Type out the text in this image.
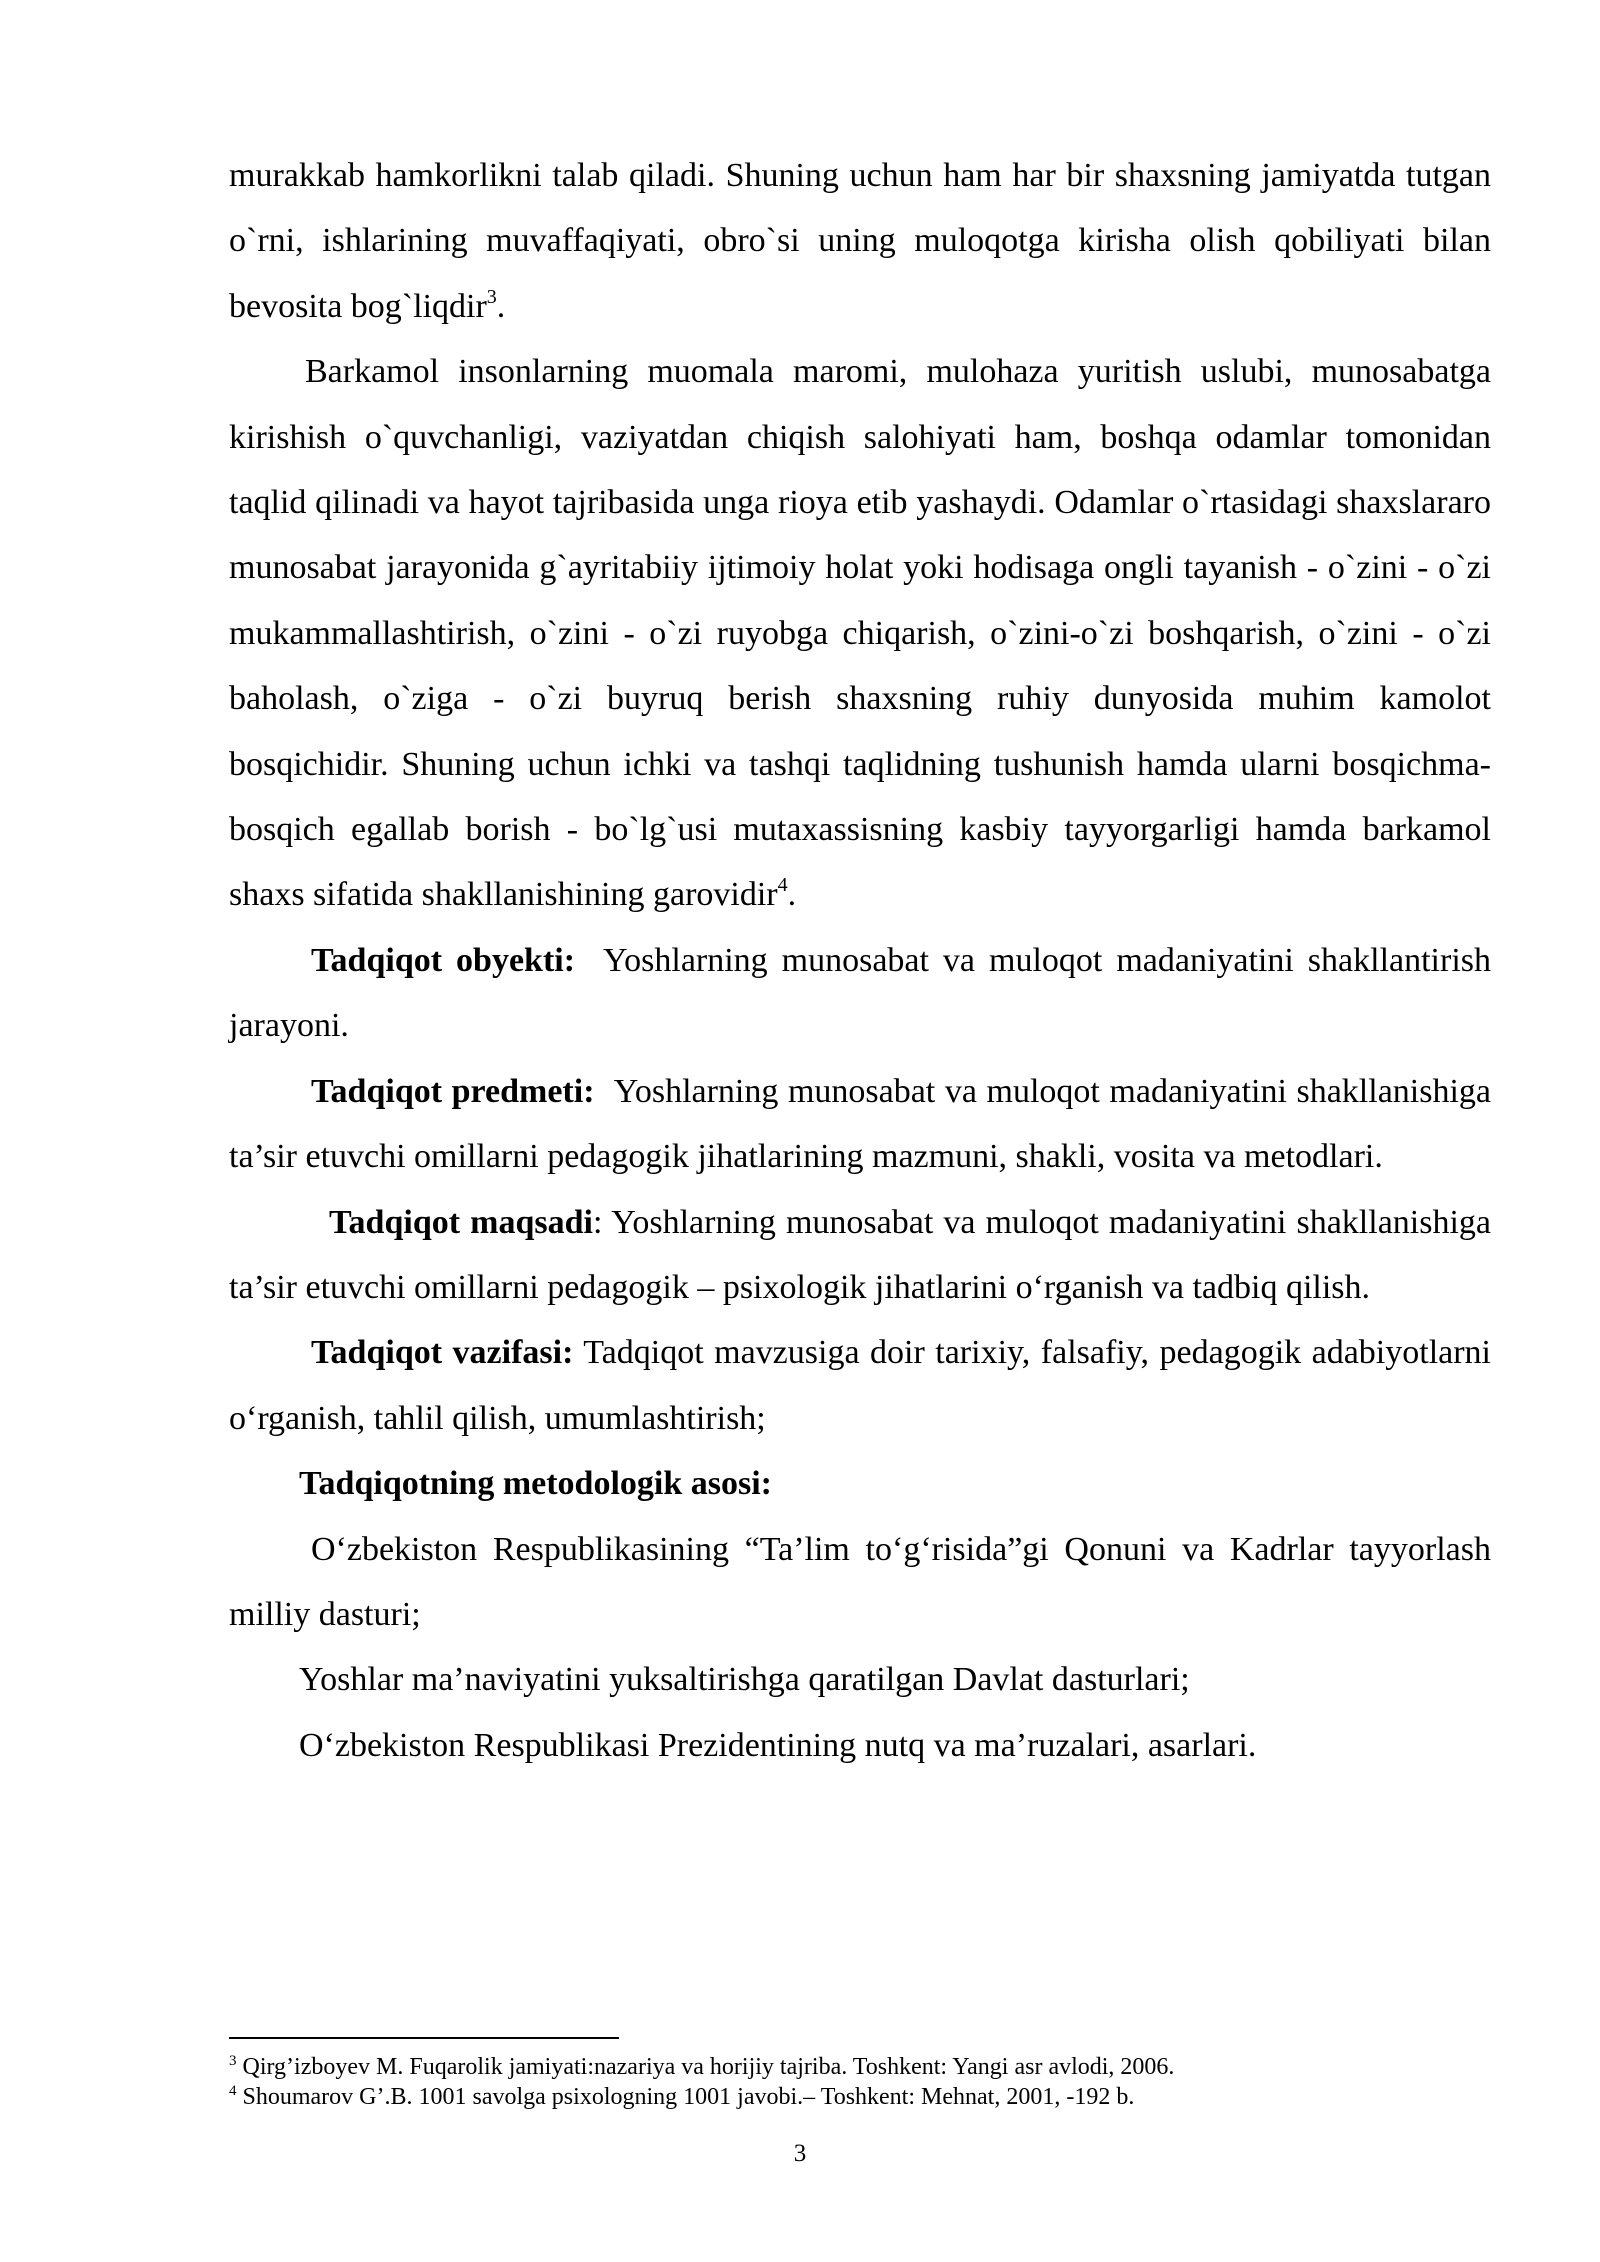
murakkab hamkorlikni talab qiladi. Shuning uchun ham har bir shaxsning jamiyatda tutgan o`rni, ishlarining muvaffaqiyati, obro`si uning muloqotga kirisha olish qobiliyati bilan bevosita bog`liqdir$^3$.

Barkamol insonlarning muomala maromi, mulohaza yuritish uslubi, munosabatga kirishish o`quvchanligi, vaziyatdan chiqish salohiyati ham, boshqa odamlar tomonidan taqlid qilinadi va hayot tajribasida unga rioya etib yashaydi. Odamlar o`rtasidagi shaxslararo munosabat jarayonida g`ayritabiiy ijtimoiy holat yoki hodisaga ongli tayanish - o`zini - o`zi mukammallashtirish, o`zini - o`zi ruyobga chiqarish, o`zini-o`zi boshqarish, o`zini - o`zi baholash, o`ziga - o`zi buyruq berish shaxsning ruhiy dunyosida muhim kamolot bosqichidir. Shuning uchun ichki va tashqi taqlidning tushunish hamda ularni bosqichma-bosqich egallab borish - bo`lg`usi mutaxassisning kasbiy tayyorgarligi hamda barkamol shaxs sifatida shakllanishining garovidir$^4$.

Tadqiqot obyekti: Yoshlarning munosabat va muloqot madaniyatini shakllantirish jarayoni.

Tadqiqot predmeti: Yoshlarning munosabat va muloqot madaniyatini shakllanishiga ta’sir etuvchi omillarni pedagogik jihatlarining mazmuni, shakli, vosita va metodlari.

Tadqiqot maqsadi: Yoshlarning munosabat va muloqot madaniyatini shakllanishiga ta’sir etuvchi omillarni pedagogik – psixologik jihatlarini o‘rganish va tadbiq qilish.

Tadqiqot vazifasi: Tadqiqot mavzusiga doir tarixiy, falsafiy, pedagogik adabiyotlarni o‘rganish, tahlil qilish, umumlashtirish;

Tadqiqotning metodologik asosi:

O‘zbekiston Respublikasining “Ta’lim to‘g‘risida”gi Qonuni va Kadrlar tayyorlash milliy dasturi;

Yoshlar ma’naviyatini yuksaltirishga qaratilgan Davlat dasturlari;

O‘zbekiston Respublikasi Prezidentining nutq va ma’ruzalari, asarlari.

$^3$ Qirg’izboyev M. Fuqarolik jamiyati:nazariya va horijiy tajriba. Toshkent: Yangi asr avlodi, 2006.

$^4$ Shoumarov G’.B. 1001 savolga psixologning 1001 javobi.– Toshkent: Mehnat, 2001, -192 b.

3
